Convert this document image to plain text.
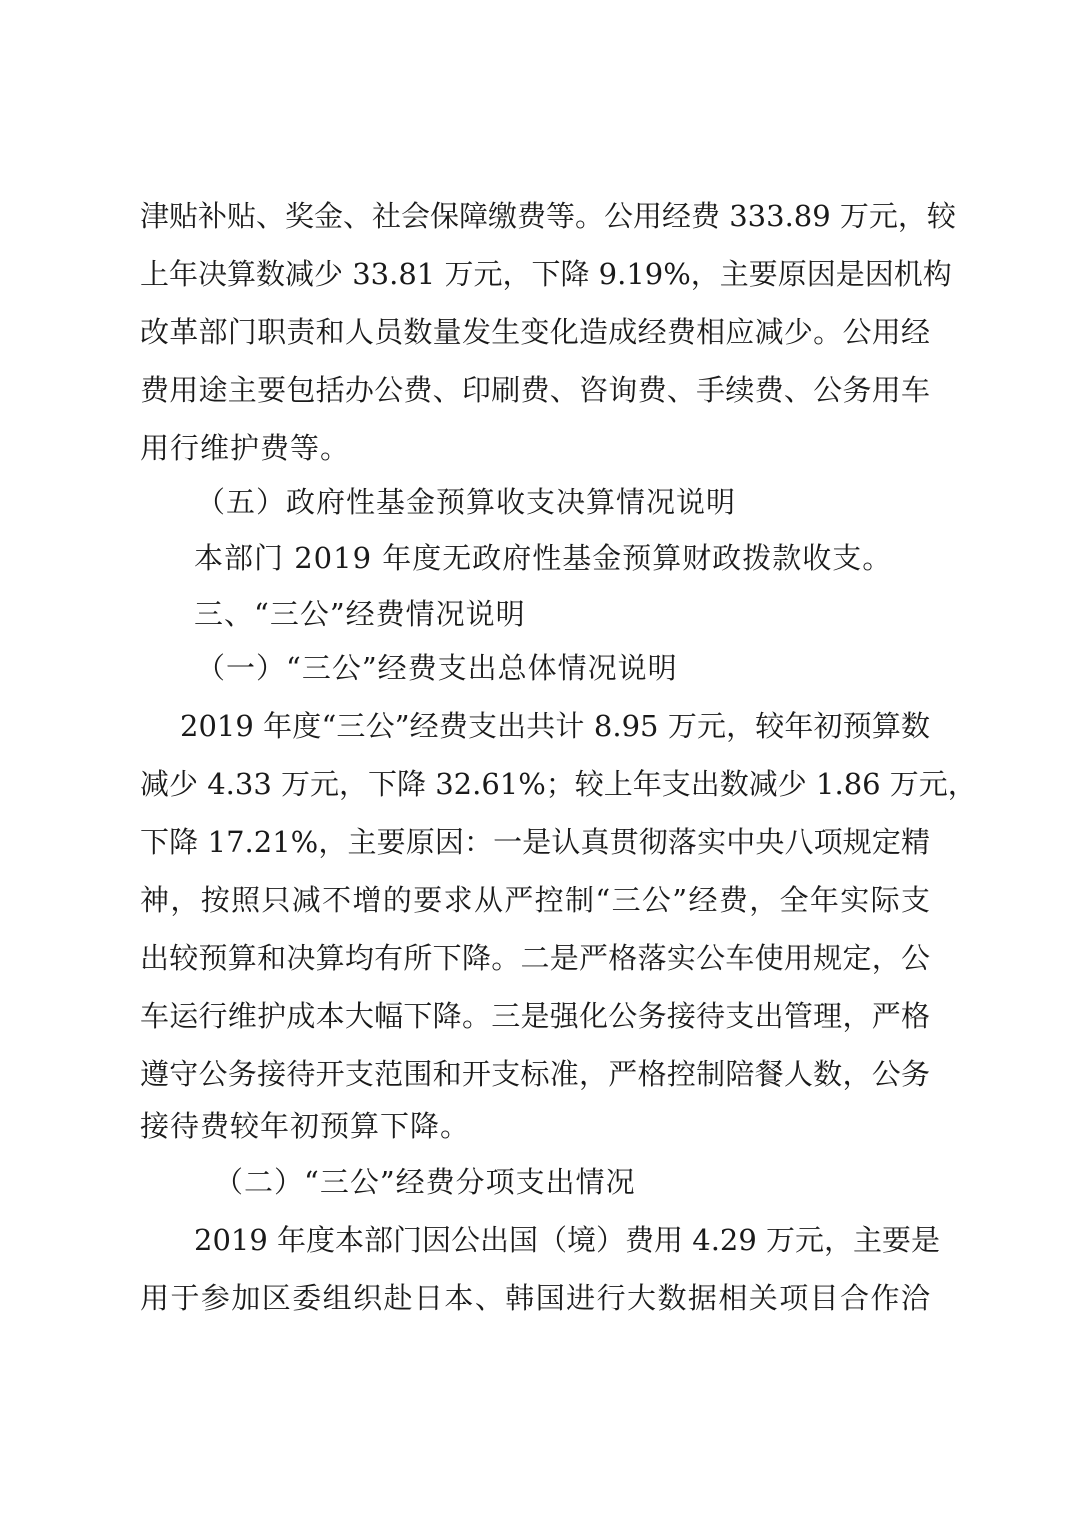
津贴补贴、奖金、社会保障缴费等。公用经费 333.89 万元，较

上年决算数减少 33.81 万元，下降 9.19%，主要原因是因机构

改革部门职责和人员数量发生变化造成经费相应减少。公用经

费用途主要包括办公费、印刷费、咨询费、手续费、公务用车

用行维护费等。

（五）政府性基金预算收支决算情况说明

本部门 2019 年度无政府性基金预算财政拨款收支。

三、“三公”经费情况说明

（一）“三公”经费支出总体情况说明

2019 年度“三公”经费支出共计 8.95 万元，较年初预算数

减少 4.33 万元，下降 32.61%；较上年支出数减少 1.86 万元，

下降 17.21%，主要原因：一是认真贯彻落实中央八项规定精

神，按照只减不增的要求从严控制“三公”经费，全年实际支

出较预算和决算均有所下降。二是严格落实公车使用规定，公

车运行维护成本大幅下降。三是强化公务接待支出管理，严格

遵守公务接待开支范围和开支标准，严格控制陪餐人数，公务

接待费较年初预算下降。

（二）“三公”经费分项支出情况

2019 年度本部门因公出国（境）费用 4.29 万元，主要是

用于参加区委组织赴日本、韩国进行大数据相关项目合作洽
